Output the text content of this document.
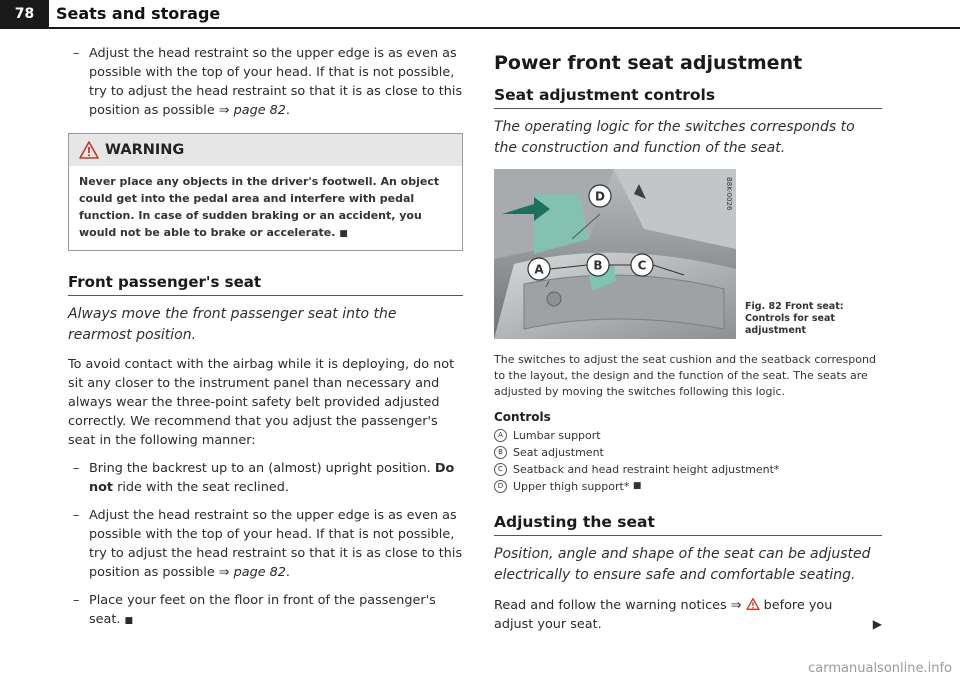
78	Seats and storage

– Adjust the head restraint so the upper edge is as even as possible with the top of your head. If that is not possible, try to adjust the head restraint so that it is as close to this position as possible ⇒ page 82.

WARNING
Never place any objects in the driver's footwell. An object could get into the pedal area and interfere with pedal function. In case of sudden braking or an accident, you would not be able to brake or accelerate. ■
Front passenger's seat

Always move the front passenger seat into the rearmost position.

To avoid contact with the airbag while it is deploying, do not sit any closer to the instrument panel than necessary and always wear the three-point safety belt provided adjusted correctly. We recommend that you adjust the passenger's seat in the following manner:

– Bring the backrest up to an (almost) upright position. Do not ride with the seat reclined.

– Adjust the head restraint so the upper edge is as even as possible with the top of your head. If that is not possible, try to adjust the head restraint so that it is as close to this position as possible ⇒ page 82.

– Place your feet on the floor in front of the passenger's seat. ■

Power front seat adjustment
Seat adjustment controls

The operating logic for the switches corresponds to the construction and function of the seat.

D
A	B	C
B8K-0026
Fig. 82 Front seat: Controls for seat adjustment

The switches to adjust the seat cushion and the seatback correspond to the layout, the design and the function of the seat. The seats are adjusted by moving the switches following this logic.

Controls
A Lumbar support
B Seat adjustment
C Seatback and head restraint height adjustment*
D Upper thigh support*
■
Adjusting the seat

Position, angle and shape of the seat can be adjusted electrically to ensure safe and comfortable seating.

Read and follow the warning notices ⇒  before you adjust your seat.	▶

carmanualsonline.info
